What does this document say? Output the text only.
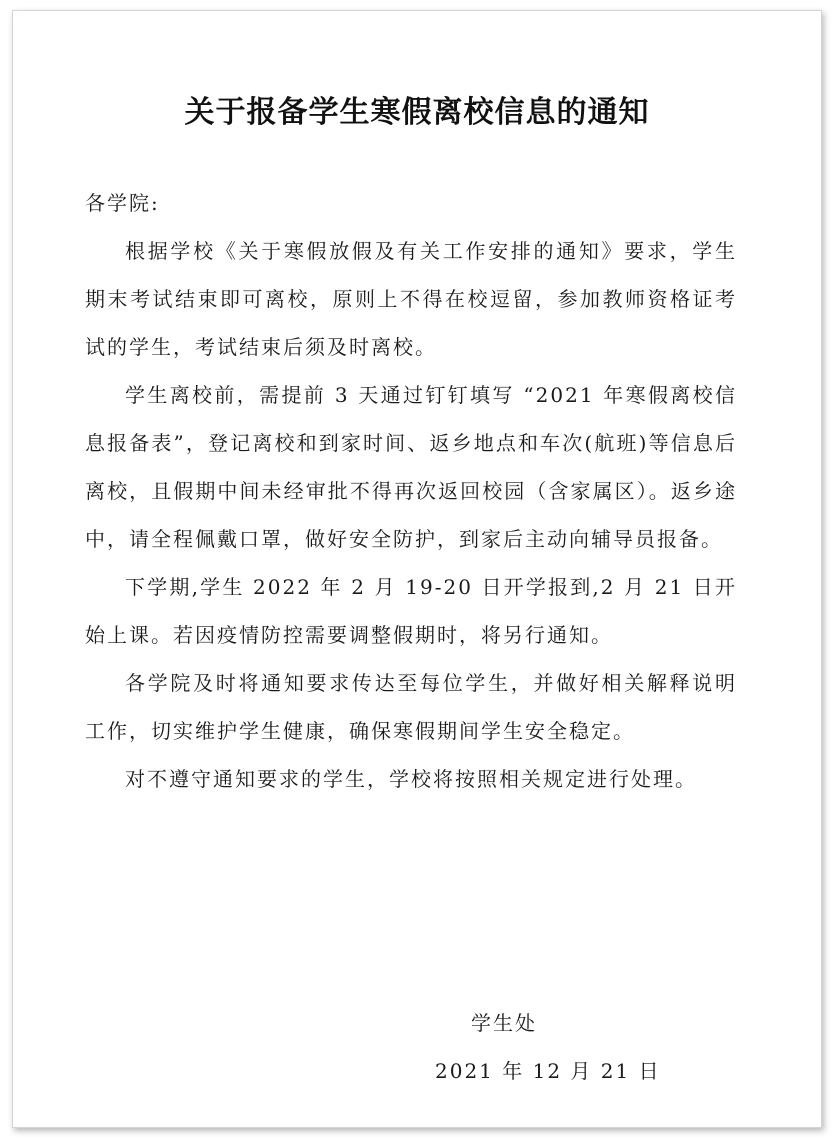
关于报备学生寒假离校信息的通知

各学院:

根据学校《关于寒假放假及有关工作安排的通知》要求，学生期末考试结束即可离校，原则上不得在校逗留，参加教师资格证考试的学生，考试结束后须及时离校。

学生离校前，需提前 3 天通过钉钉填写 “2021 年寒假离校信息报备表”，登记离校和到家时间、返乡地点和车次(航班)等信息后离校，且假期中间未经审批不得再次返回校园（含家属区）。返乡途中，请全程佩戴口罩，做好安全防护，到家后主动向辅导员报备。

下学期,学生 2022 年 2 月 19-20 日开学报到,2 月 21 日开始上课。若因疫情防控需要调整假期时，将另行通知。

各学院及时将通知要求传达至每位学生，并做好相关解释说明工作，切实维护学生健康，确保寒假期间学生安全稳定。

对不遵守通知要求的学生，学校将按照相关规定进行处理。

学生处
2021 年 12 月 21 日
